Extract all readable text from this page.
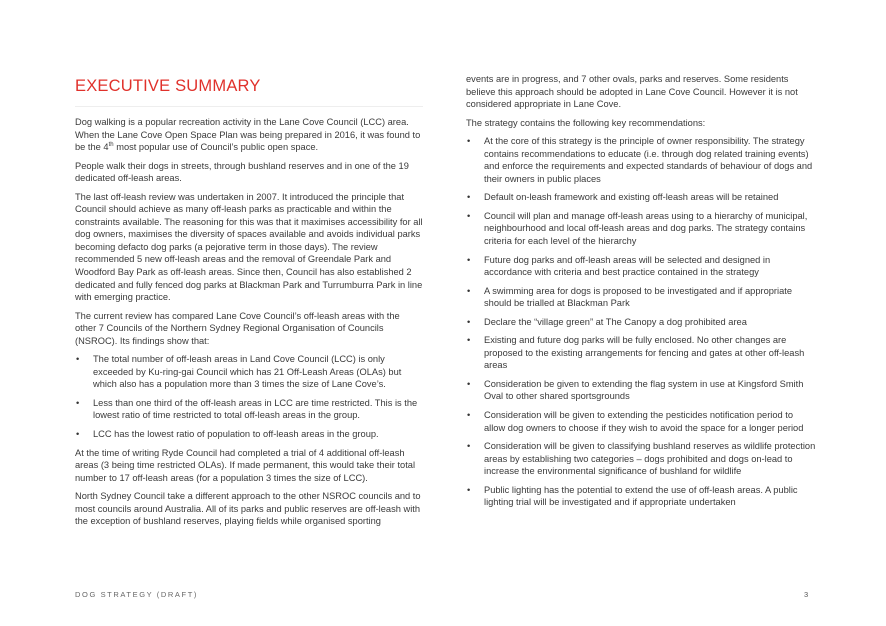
EXECUTIVE SUMMARY

Dog walking is a popular recreation activity in the Lane Cove Council (LCC) area. When the Lane Cove Open Space Plan was being prepared in 2016, it was found to be the 4th most popular use of Council’s public open space.

People walk their dogs in streets, through bushland reserves and in one of the 19 dedicated off-leash areas.

The last off-leash review was undertaken in 2007. It introduced the principle that Council should achieve as many off-leash parks as practicable and within the constraints available. The reasoning for this was that it maximises accessibility for all dog owners, maximises the diversity of spaces available and avoids individual parks becoming defacto dog parks (a pejorative term in those days). The review recommended 5 new off-leash areas and the removal of Greendale Park and Woodford Bay Park as off-leash areas. Since then, Council has also established 2 dedicated and fully fenced dog parks at Blackman Park and Turrumburra Park in line with emerging practice.

The current review has compared Lane Cove Council’s off-leash areas with the other 7 Councils of the Northern Sydney Regional Organisation of Councils (NSROC). Its findings show that:

• The total number of off-leash areas in Land Cove Council (LCC) is only exceeded by Ku-ring-gai Council which has 21 Off-Leash Areas (OLAs) but which also has a population more than 3 times the size of Lane Cove’s.
• Less than one third of the off-leash areas in LCC are time restricted. This is the lowest ratio of time restricted to total off-leash areas in the group.
• LCC has the lowest ratio of population to off-leash areas in the group.

At the time of writing Ryde Council had completed a trial of 4 additional off-leash areas (3 being time restricted OLAs). If made permanent, this would take their total number to 17 off-leash areas (for a population 3 times the size of LCC).

North Sydney Council take a different approach to the other NSROC councils and to most councils around Australia. All of its parks and public reserves are off-leash with the exception of bushland reserves, playing fields while organised sporting

events are in progress, and 7 other ovals, parks and reserves. Some residents believe this approach should be adopted in Lane Cove Council. However it is not considered appropriate in Lane Cove.

The strategy contains the following key recommendations:

• At the core of this strategy is the principle of owner responsibility. The strategy contains recommendations to educate (i.e. through dog related training events) and enforce the requirements and expected standards of behaviour of dogs and their owners in public places
• Default on-leash framework and existing off-leash areas will be retained
• Council will plan and manage off-leash areas using to a hierarchy of municipal, neighbourhood and local off-leash areas and dog parks. The strategy contains criteria for each level of the hierarchy
• Future dog parks and off-leash areas will be selected and designed in accordance with criteria and best practice contained in the strategy
• A swimming area for dogs is proposed to be investigated and if appropriate should be trialled at Blackman Park
• Declare the “village green” at The Canopy a dog prohibited area
• Existing and future dog parks will be fully enclosed. No other changes are proposed to the existing arrangements for fencing and gates at other off-leash areas
• Consideration be given to extending the flag system in use at Kingsford Smith Oval to other shared sportsgrounds
• Consideration will be given to extending the pesticides notification period to allow dog owners to choose if they wish to avoid the space for a longer period
• Consideration will be given to classifying bushland reserves as wildlife protection areas by establishing two categories – dogs prohibited and dogs on-lead to increase the environmental significance of bushland for wildlife
• Public lighting has the potential to extend the use of off-leash areas. A public lighting trial will be investigated and if appropriate undertaken
DOG STRATEGY (DRAFT)	3
